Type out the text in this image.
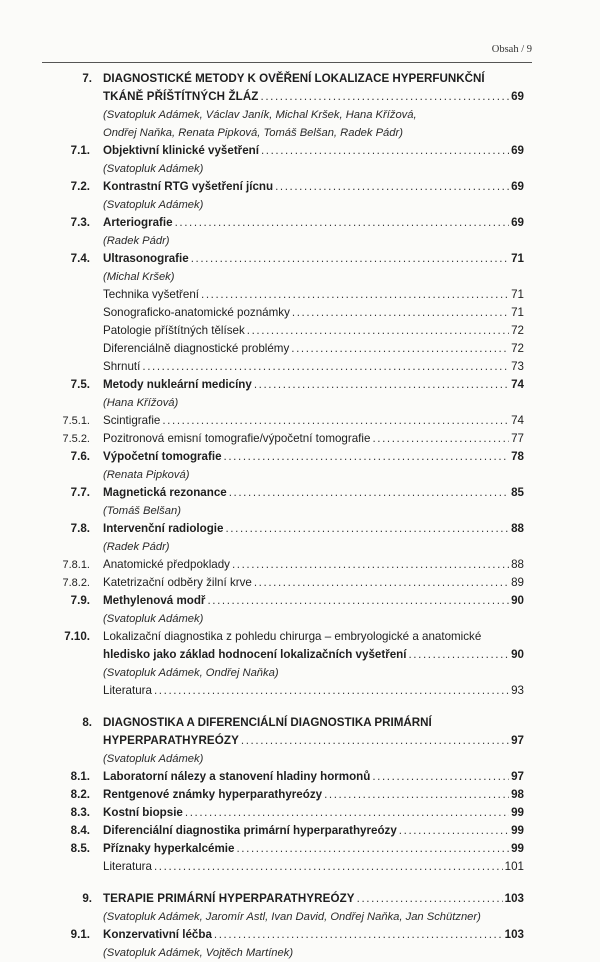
Obsah / 9
7. DIAGNOSTICKÉ METODY K OVĚŘENÍ LOKALIZACE HYPERFUNKČNÍ
TKÁNĚ PŘÍŠTÍTNÝCH ŽLÁZ .....	69
(Svatopluk Adámek, Václav Janík, Michal Kršek, Hana Křížová,
Ondřej Naňka, Renata Pipková, Tomáš Belšan, Radek Pádr)
7.1. Objektivní klinické vyšetření .....	69
(Svatopluk Adámek)
7.2. Kontrastní RTG vyšetření jícnu .....	69
(Svatopluk Adámek)
7.3. Arteriografie .....	69
(Radek Pádr)
7.4. Ultrasonografie .....	71
(Michal Kršek)
Technika vyšetření .....	71
Sonograficko-anatomické poznámky .....	71
Patologie příštítných tělísek .....	72
Diferenciálně diagnostické problémy .....	72
Shrnutí .....	73
7.5. Metody nukleární medicíny .....	74
(Hana Křížová)
7.5.1. Scintigrafie .....	74
7.5.2. Pozitronová emisní tomografie/výpočetní tomografie .....	77
7.6. Výpočetní tomografie .....	78
(Renata Pipková)
7.7. Magnetická rezonance .....	85
(Tomáš Belšan)
7.8. Intervenční radiologie .....	88
(Radek Pádr)
7.8.1. Anatomické předpoklady .....	88
7.8.2. Katetrizační odběry žilní krve .....	89
7.9. Methylenová modř .....	90
(Svatopluk Adámek)
7.10. Lokalizační diagnostika z pohledu chirurga – embryologické a anatomické
hledisko jako základ hodnocení lokalizačních vyšetření .....	90
(Svatopluk Adámek, Ondřej Naňka)
Literatura .....	93
8. DIAGNOSTIKA A DIFERENCIÁLNÍ DIAGNOSTIKA PRIMÁRNÍ
HYPERPARATHYREÓZY .....	97
(Svatopluk Adámek)
8.1. Laboratorní nálezy a stanovení hladiny hormonů .....	97
8.2. Rentgenové známky hyperparathyreózy .....	98
8.3. Kostní biopsie .....	99
8.4. Diferenciální diagnostika primární hyperparathyreózy .....	99
8.5. Příznaky hyperkalcémie .....	99
Literatura .....	101
9. TERAPIE PRIMÁRNÍ HYPERPARATHYREÓZY .....	103
(Svatopluk Adámek, Jaromír Astl, Ivan David, Ondřej Naňka, Jan Schützner)
9.1. Konzervativní léčba .....	103
(Svatopluk Adámek, Vojtěch Martínek)
